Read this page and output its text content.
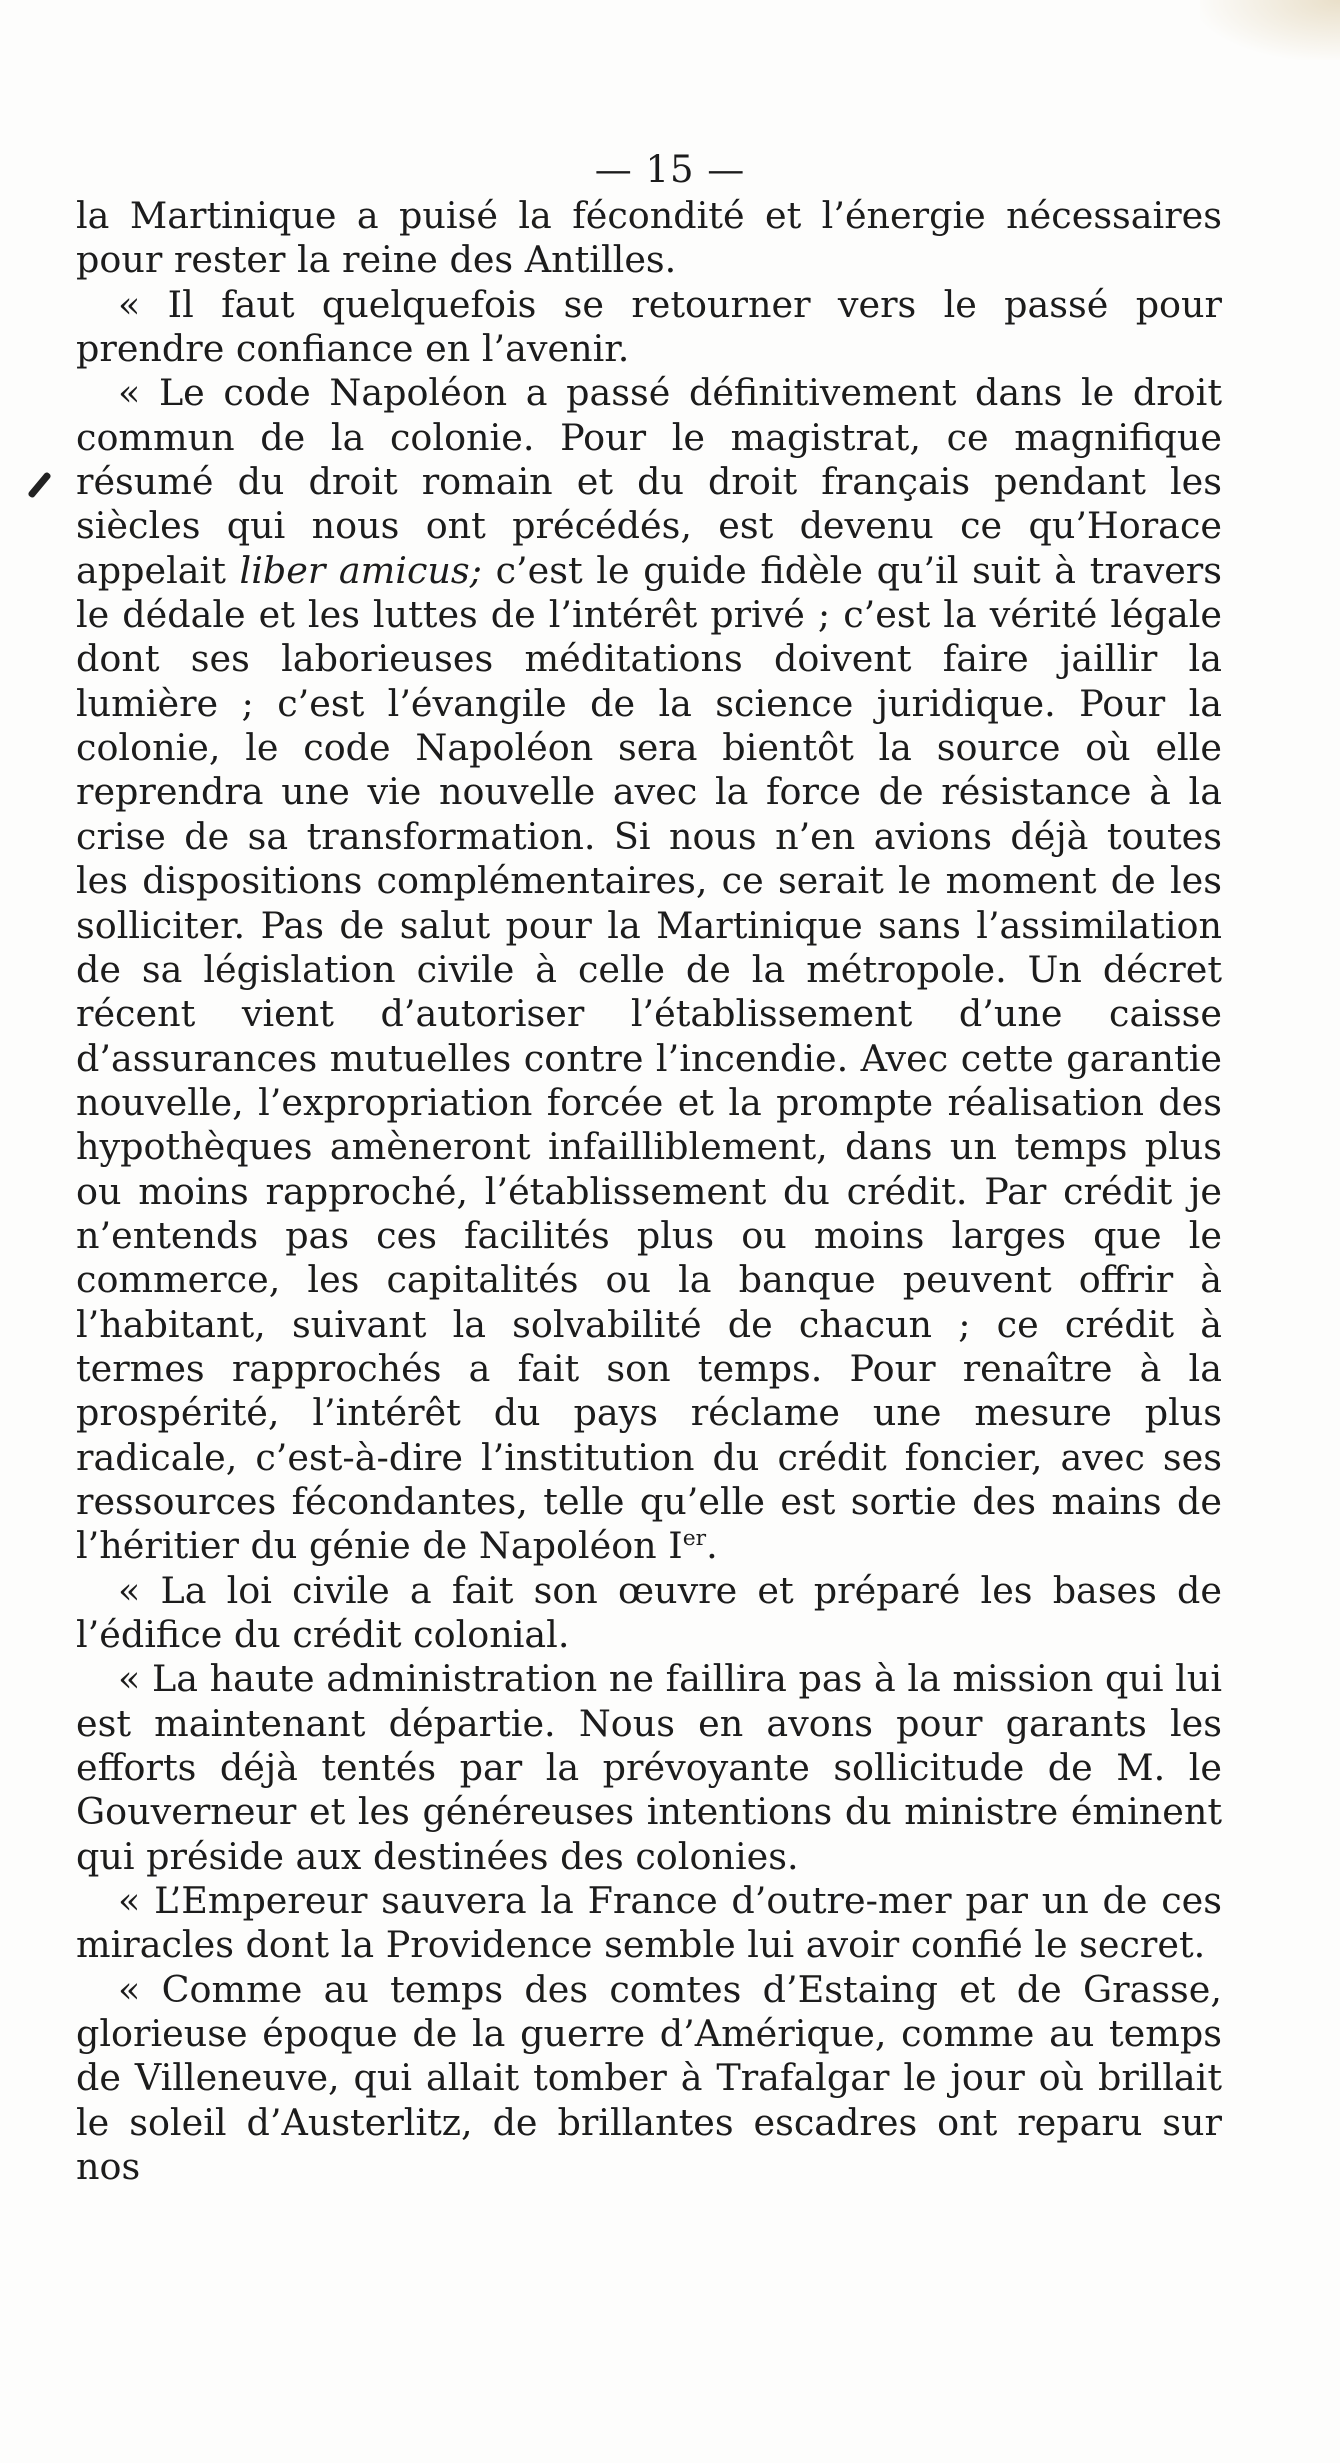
— 15 —

la Martinique a puisé la fécondité et l’énergie nécessaires pour rester la reine des Antilles.

« Il faut quelquefois se retourner vers le passé pour prendre confiance en l’avenir.

« Le code Napoléon a passé définitivement dans le droit commun de la colonie. Pour le magistrat, ce magnifique résumé du droit romain et du droit français pendant les siècles qui nous ont précédés, est devenu ce qu’Horace appelait liber amicus; c’est le guide fidèle qu’il suit à travers le dédale et les luttes de l’intérêt privé ; c’est la vérité légale dont ses laborieuses méditations doivent faire jaillir la lumière ; c’est l’évangile de la science juridique. Pour la colonie, le code Napoléon sera bientôt la source où elle reprendra une vie nouvelle avec la force de résistance à la crise de sa transformation. Si nous n’en avions déjà toutes les dispositions complémentaires, ce serait le moment de les solliciter. Pas de salut pour la Martinique sans l’assimilation de sa législation civile à celle de la métropole. Un décret récent vient d’autoriser l’établissement d’une caisse d’assurances mutuelles contre l’incendie. Avec cette garantie nouvelle, l’expropriation forcée et la prompte réalisation des hypothèques amèneront infailliblement, dans un temps plus ou moins rapproché, l’établissement du crédit. Par crédit je n’entends pas ces facilités plus ou moins larges que le commerce, les capitalités ou la banque peuvent offrir à l’habitant, suivant la solvabilité de chacun ; ce crédit à termes rapprochés a fait son temps. Pour renaître à la prospérité, l’intérêt du pays réclame une mesure plus radicale, c’est-à-dire l’institution du crédit foncier, avec ses ressources fécondantes, telle qu’elle est sortie des mains de l’héritier du génie de Napoléon Ier.

« La loi civile a fait son œuvre et préparé les bases de l’édifice du crédit colonial.

« La haute administration ne faillira pas à la mission qui lui est maintenant départie. Nous en avons pour garants les efforts déjà tentés par la prévoyante sollicitude de M. le Gouverneur et les généreuses intentions du ministre éminent qui préside aux destinées des colonies.

« L’Empereur sauvera la France d’outre-mer par un de ces miracles dont la Providence semble lui avoir confié le secret.

« Comme au temps des comtes d’Estaing et de Grasse, glorieuse époque de la guerre d’Amérique, comme au temps de Villeneuve, qui allait tomber à Trafalgar le jour où brillait le soleil d’Austerlitz, de brillantes escadres ont reparu sur nos
